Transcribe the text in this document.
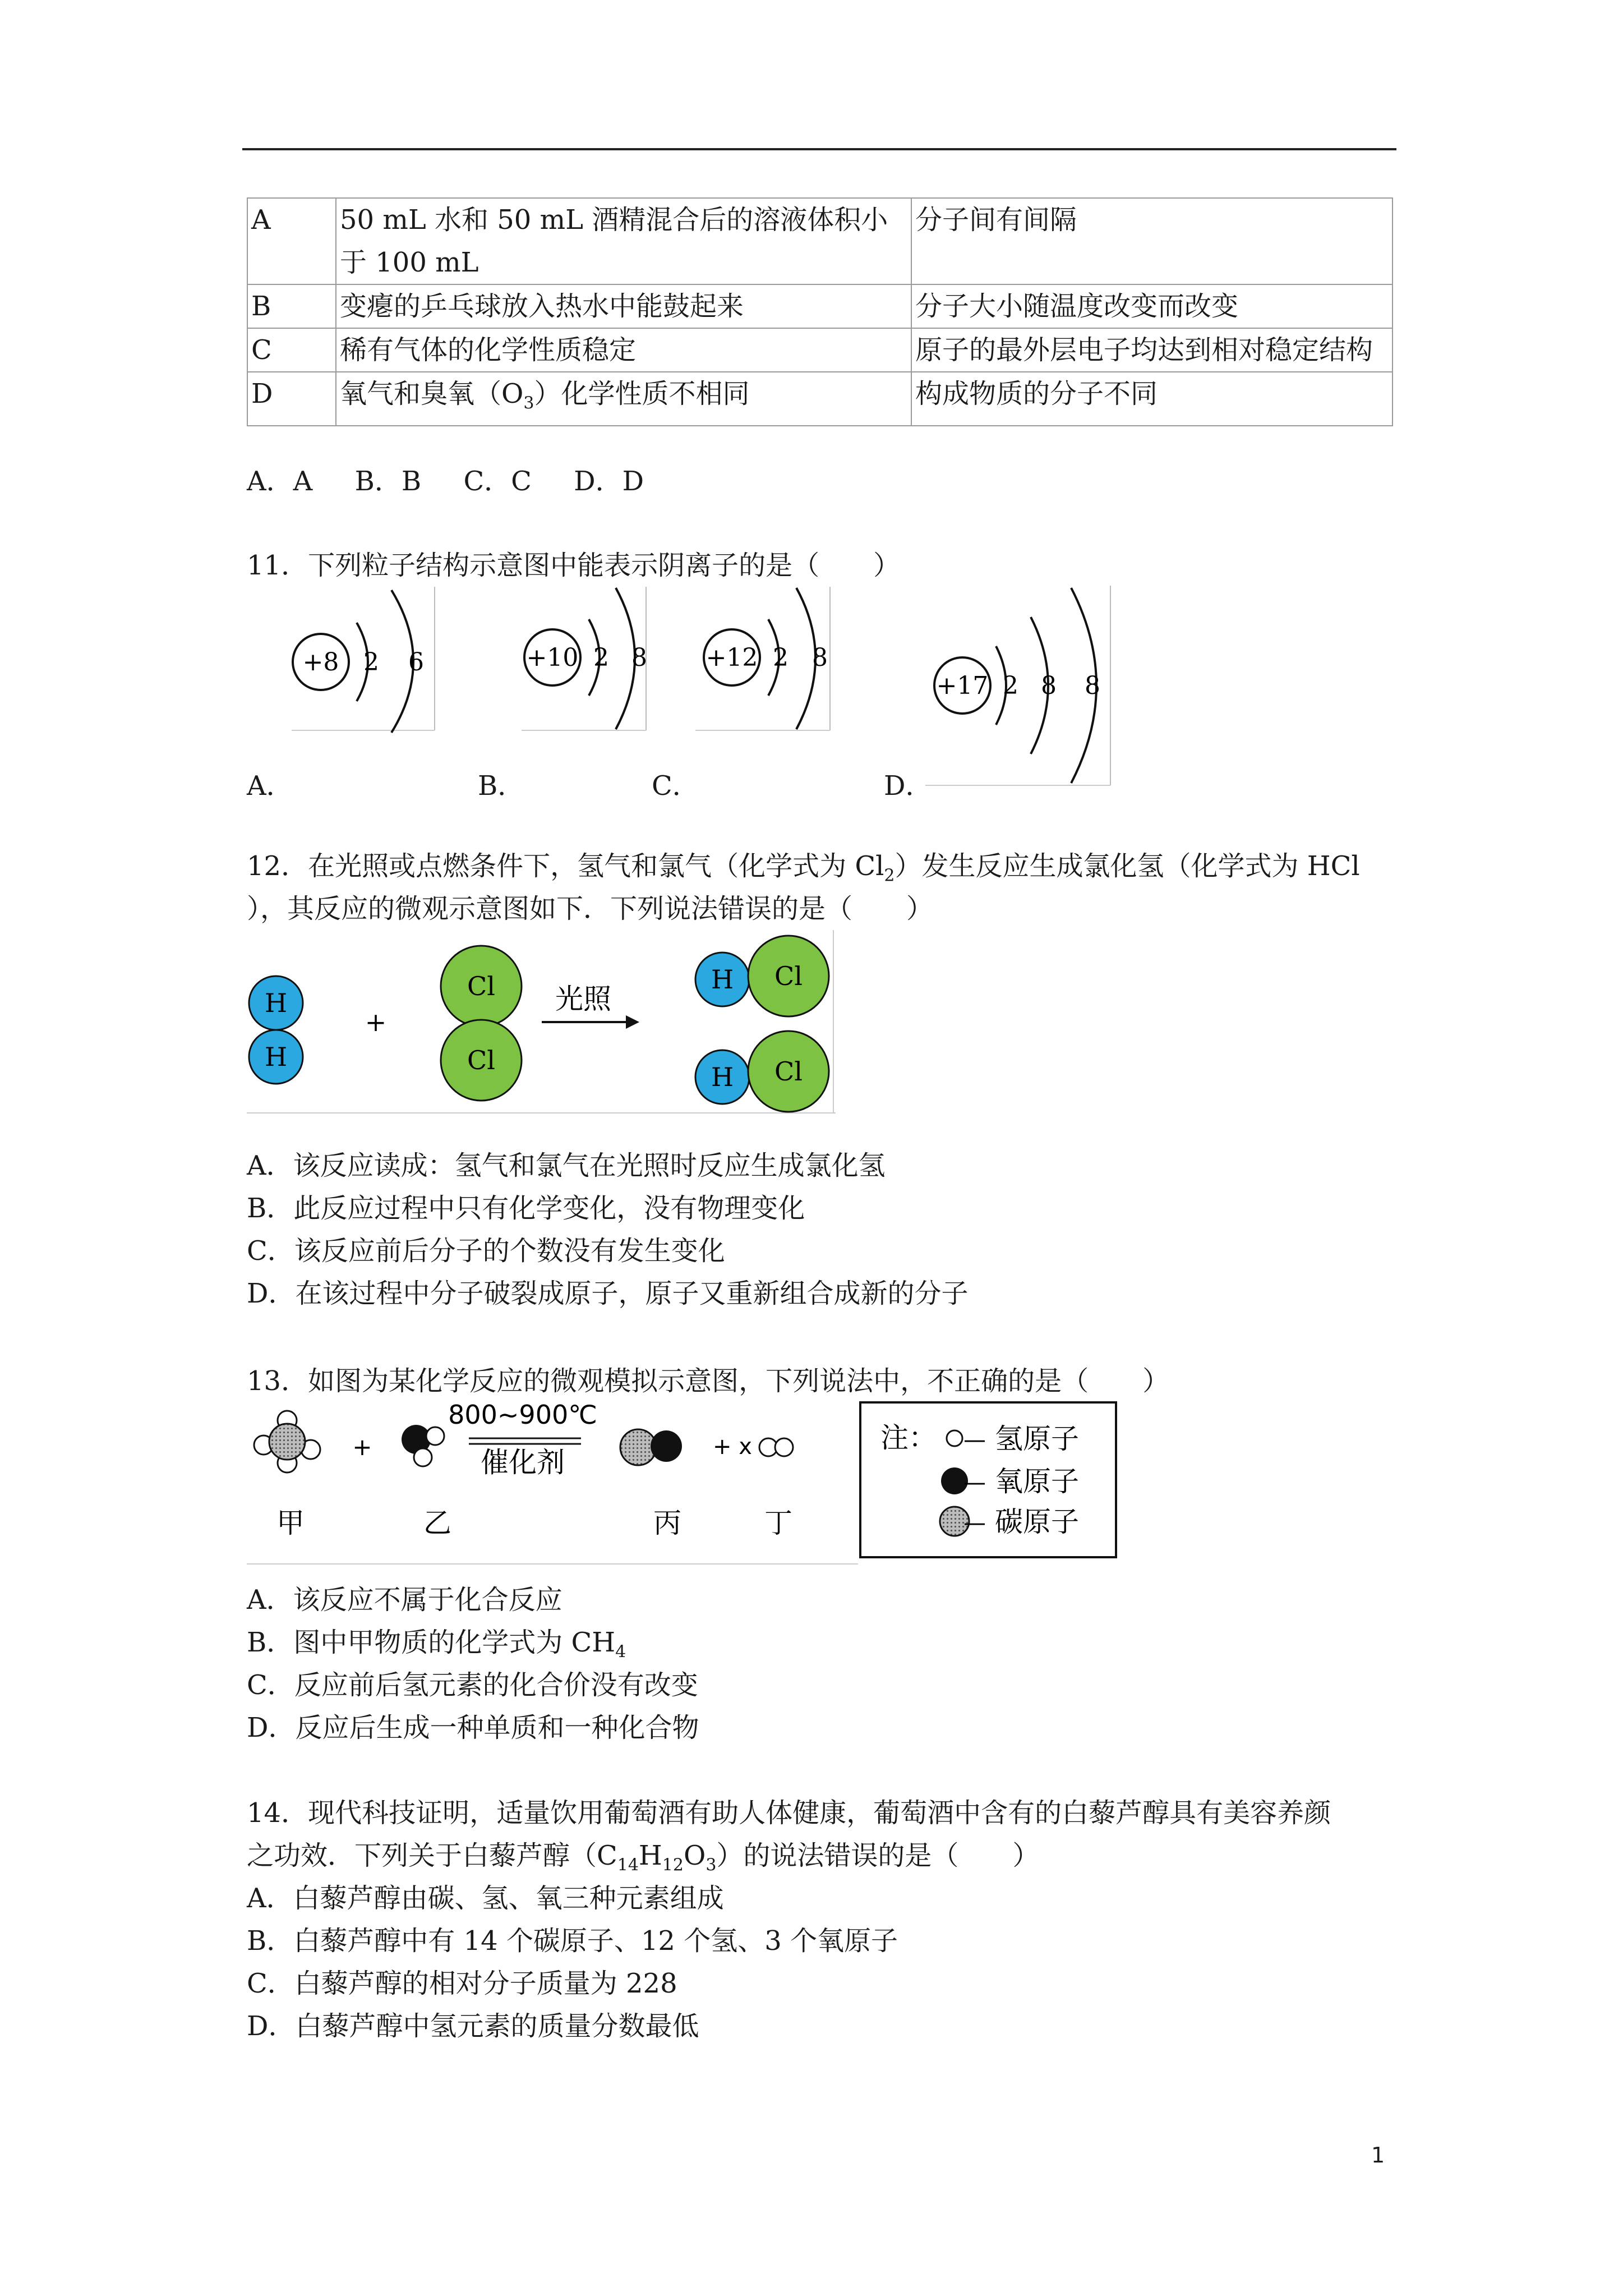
A	50 mL 水和 50 mL 酒精混合后的溶液体积小于 100 mL	分子间有间隔
B	变瘪的乒乓球放入热水中能鼓起来	分子大小随温度改变而改变
C	稀有气体的化学性质稳定	原子的最外层电子均达到相对稳定结构
D	氧气和臭氧$(O_3)$化学性质不相同	构成物质的分子不同
A．A B．B C．C D．D
11．下列粒子结构示意图中能表示阴离子的是（　　）
+8 2 6	+10 2 8 +12 2 8
+17 2 8 8
A．	B．	C．	D．
12．在光照或点燃条件下，氢气和氯气（化学式为 $Cl_2$）发生反应生成氯化氢（化学式为 HCl
），其反应的微观示意图如下．下列说法错误的是（　　）
H
H
+
Cl
Cl
光照
H Cl
H Cl
A．该反应读成：氢气和氯气在光照时反应生成氯化氢
B．此反应过程中只有化学变化，没有物理变化
C．该反应前后分子的个数没有发生变化
D．在该过程中分子破裂成原子，原子又重新组合成新的分子
13．如图为某化学反应的微观模拟示意图，下列说法中，不正确的是（　　）
+
800~900℃
催化剂	+ x
甲	乙	丙	丁
注： — 氢原子
— 氧原子
— 碳原子
A．该反应不属于化合反应
B．图中甲物质的化学式为 $CH_4$
C．反应前后氢元素的化合价没有改变
D．反应后生成一种单质和一种化合物
14．现代科技证明，适量饮用葡萄酒有助人体健康，葡萄酒中含有的白藜芦醇具有美容养颜
之功效．下列关于白藜芦醇$(C_{14}H_{12}O_3)$的说法错误的是（　　）
A．白藜芦醇由碳、氢、氧三种元素组成
B．白藜芦醇中有 14 个碳原子、12 个氢、3 个氧原子
C．白藜芦醇的相对分子质量为 228
D．白藜芦醇中氢元素的质量分数最低
1
